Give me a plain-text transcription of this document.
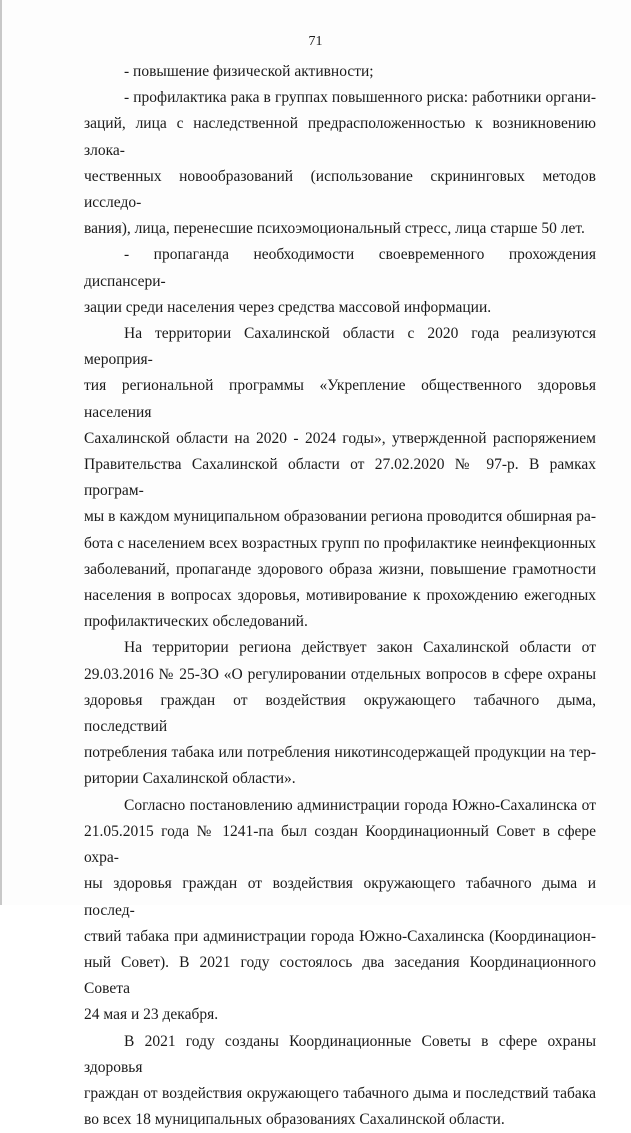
71
- повышение физической активности;
- профилактика рака в группах повышенного риска: работники органи-
заций, лица с наследственной предрасположенностью к возникновению злока-
чественных новообразований (использование скрининговых методов исследо-
вания), лица, перенесшие психоэмоциональный стресс, лица старше 50 лет.
- пропаганда необходимости своевременного прохождения диспансери-
зации среди населения через средства массовой информации.
На территории Сахалинской области с 2020 года реализуются мероприя-
тия региональной программы «Укрепление общественного здоровья населения
Сахалинской области на 2020 - 2024 годы», утвержденной распоряжением
Правительства Сахалинской области от 27.02.2020 № 97-р. В рамках програм-
мы в каждом муниципальном образовании региона проводится обширная ра-
бота с населением всех возрастных групп по профилактике неинфекционных
заболеваний, пропаганде здорового образа жизни, повышение грамотности
населения в вопросах здоровья, мотивирование к прохождению ежегодных
профилактических обследований.
На территории региона действует закон Сахалинской области от
29.03.2016 № 25-ЗО «О регулировании отдельных вопросов в сфере охраны
здоровья граждан от воздействия окружающего табачного дыма, последствий
потребления табака или потребления никотинсодержащей продукции на тер-
ритории Сахалинской области».
Согласно постановлению администрации города Южно-Сахалинска от
21.05.2015 года № 1241-па был создан Координационный Совет в сфере охра-
ны здоровья граждан от воздействия окружающего табачного дыма и послед-
ствий табака при администрации города Южно-Сахалинска (Координацион-
ный Совет). В 2021 году состоялось два заседания Координационного Совета
24 мая и 23 декабря.
В 2021 году созданы Координационные Советы в сфере охраны здоровья
граждан от воздействия окружающего табачного дыма и последствий табака
во всех 18 муниципальных образованиях Сахалинской области.
